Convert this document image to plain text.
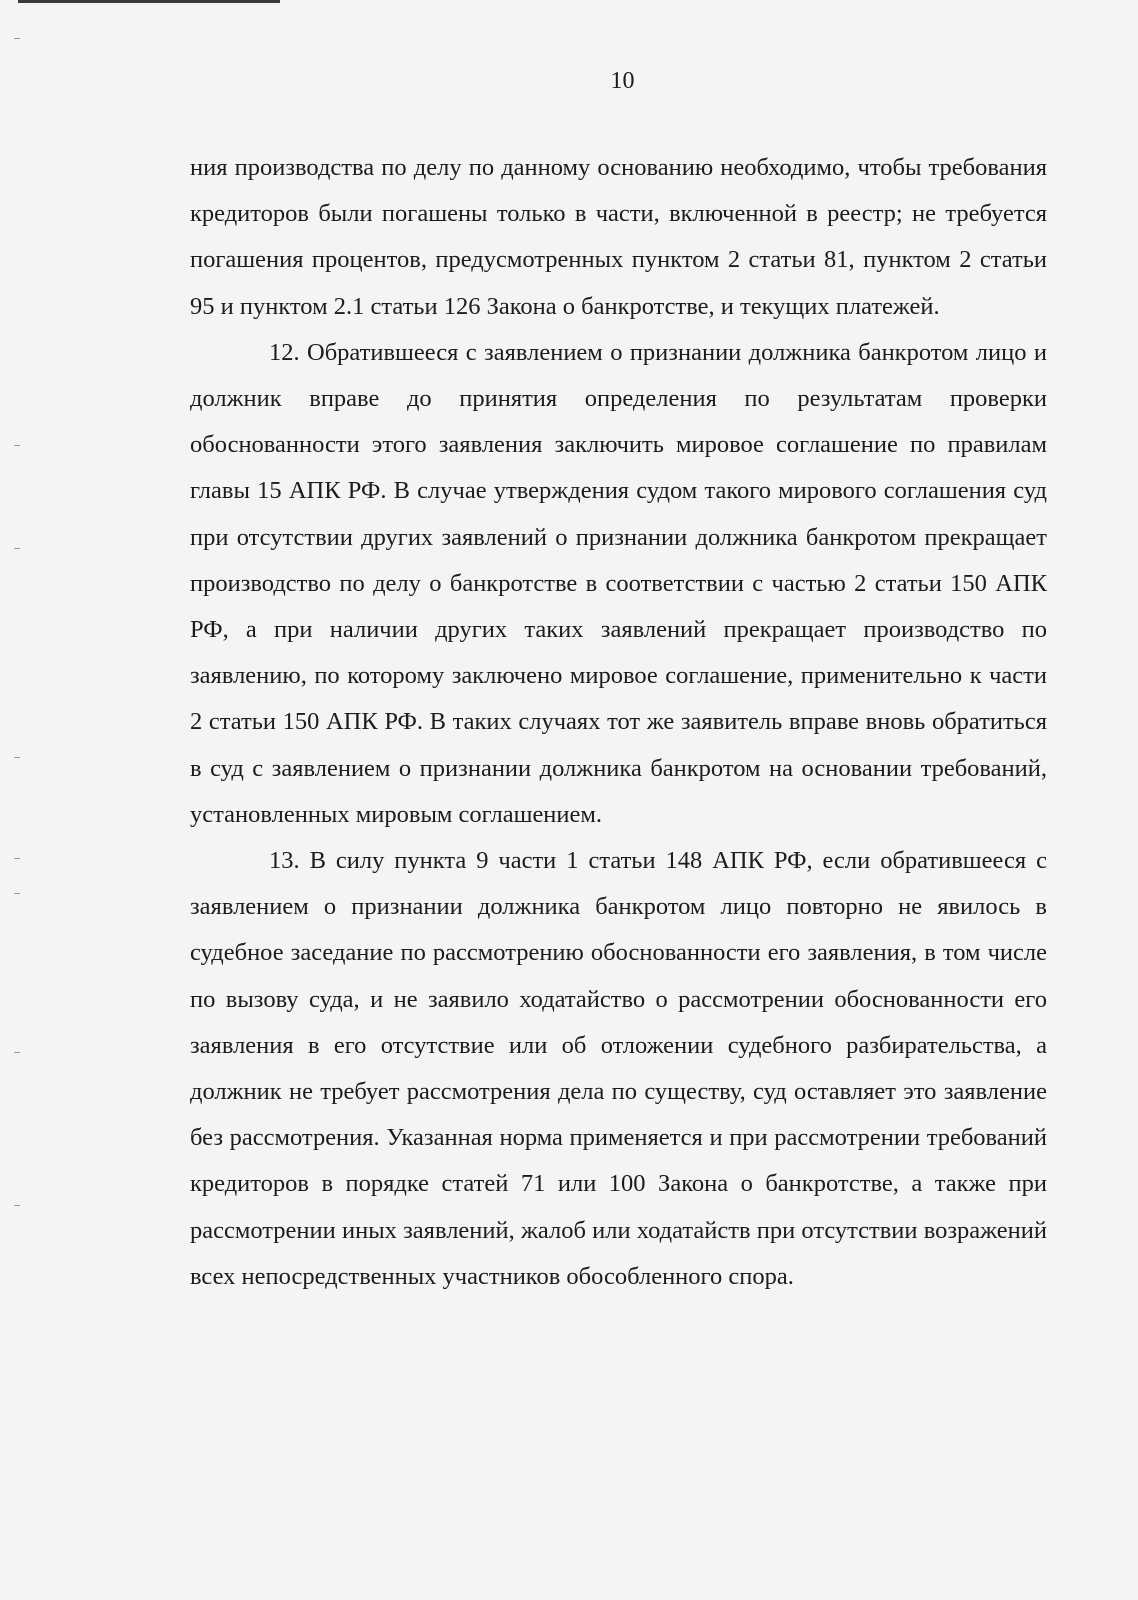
10

ния производства по делу по данному основанию необходимо, чтобы требования кредиторов были погашены только в части, включенной в реестр; не требуется погашения процентов, предусмотренных пунктом 2 статьи 81, пунктом 2 статьи 95 и пунктом 2.1 статьи 126 Закона о банкротстве, и текущих платежей.

12. Обратившееся с заявлением о признании должника банкротом лицо и должник вправе до принятия определения по результатам проверки обоснованности этого заявления заключить мировое соглашение по правилам главы 15 АПК РФ. В случае утверждения судом такого мирового соглашения суд при отсутствии других заявлений о признании должника банкротом прекращает производство по делу о банкротстве в соответствии с частью 2 статьи 150 АПК РФ, а при наличии других таких заявлений прекращает производство по заявлению, по которому заключено мировое соглашение, применительно к части 2 статьи 150 АПК РФ. В таких случаях тот же заявитель вправе вновь обратиться в суд с заявлением о признании должника банкротом на основании требований, установленных мировым соглашением.

13. В силу пункта 9 части 1 статьи 148 АПК РФ, если обратившееся с заявлением о признании должника банкротом лицо повторно не явилось в судебное заседание по рассмотрению обоснованности его заявления, в том числе по вызову суда, и не заявило ходатайство о рассмотрении обоснованности его заявления в его отсутствие или об отложении судебного разбирательства, а должник не требует рассмотрения дела по существу, суд оставляет это заявление без рассмотрения. Указанная норма применяется и при рассмотрении требований кредиторов в порядке статей 71 или 100 Закона о банкротстве, а также при рассмотрении иных заявлений, жалоб или ходатайств при отсутствии возражений всех непосредственных участников обособленного спора.
